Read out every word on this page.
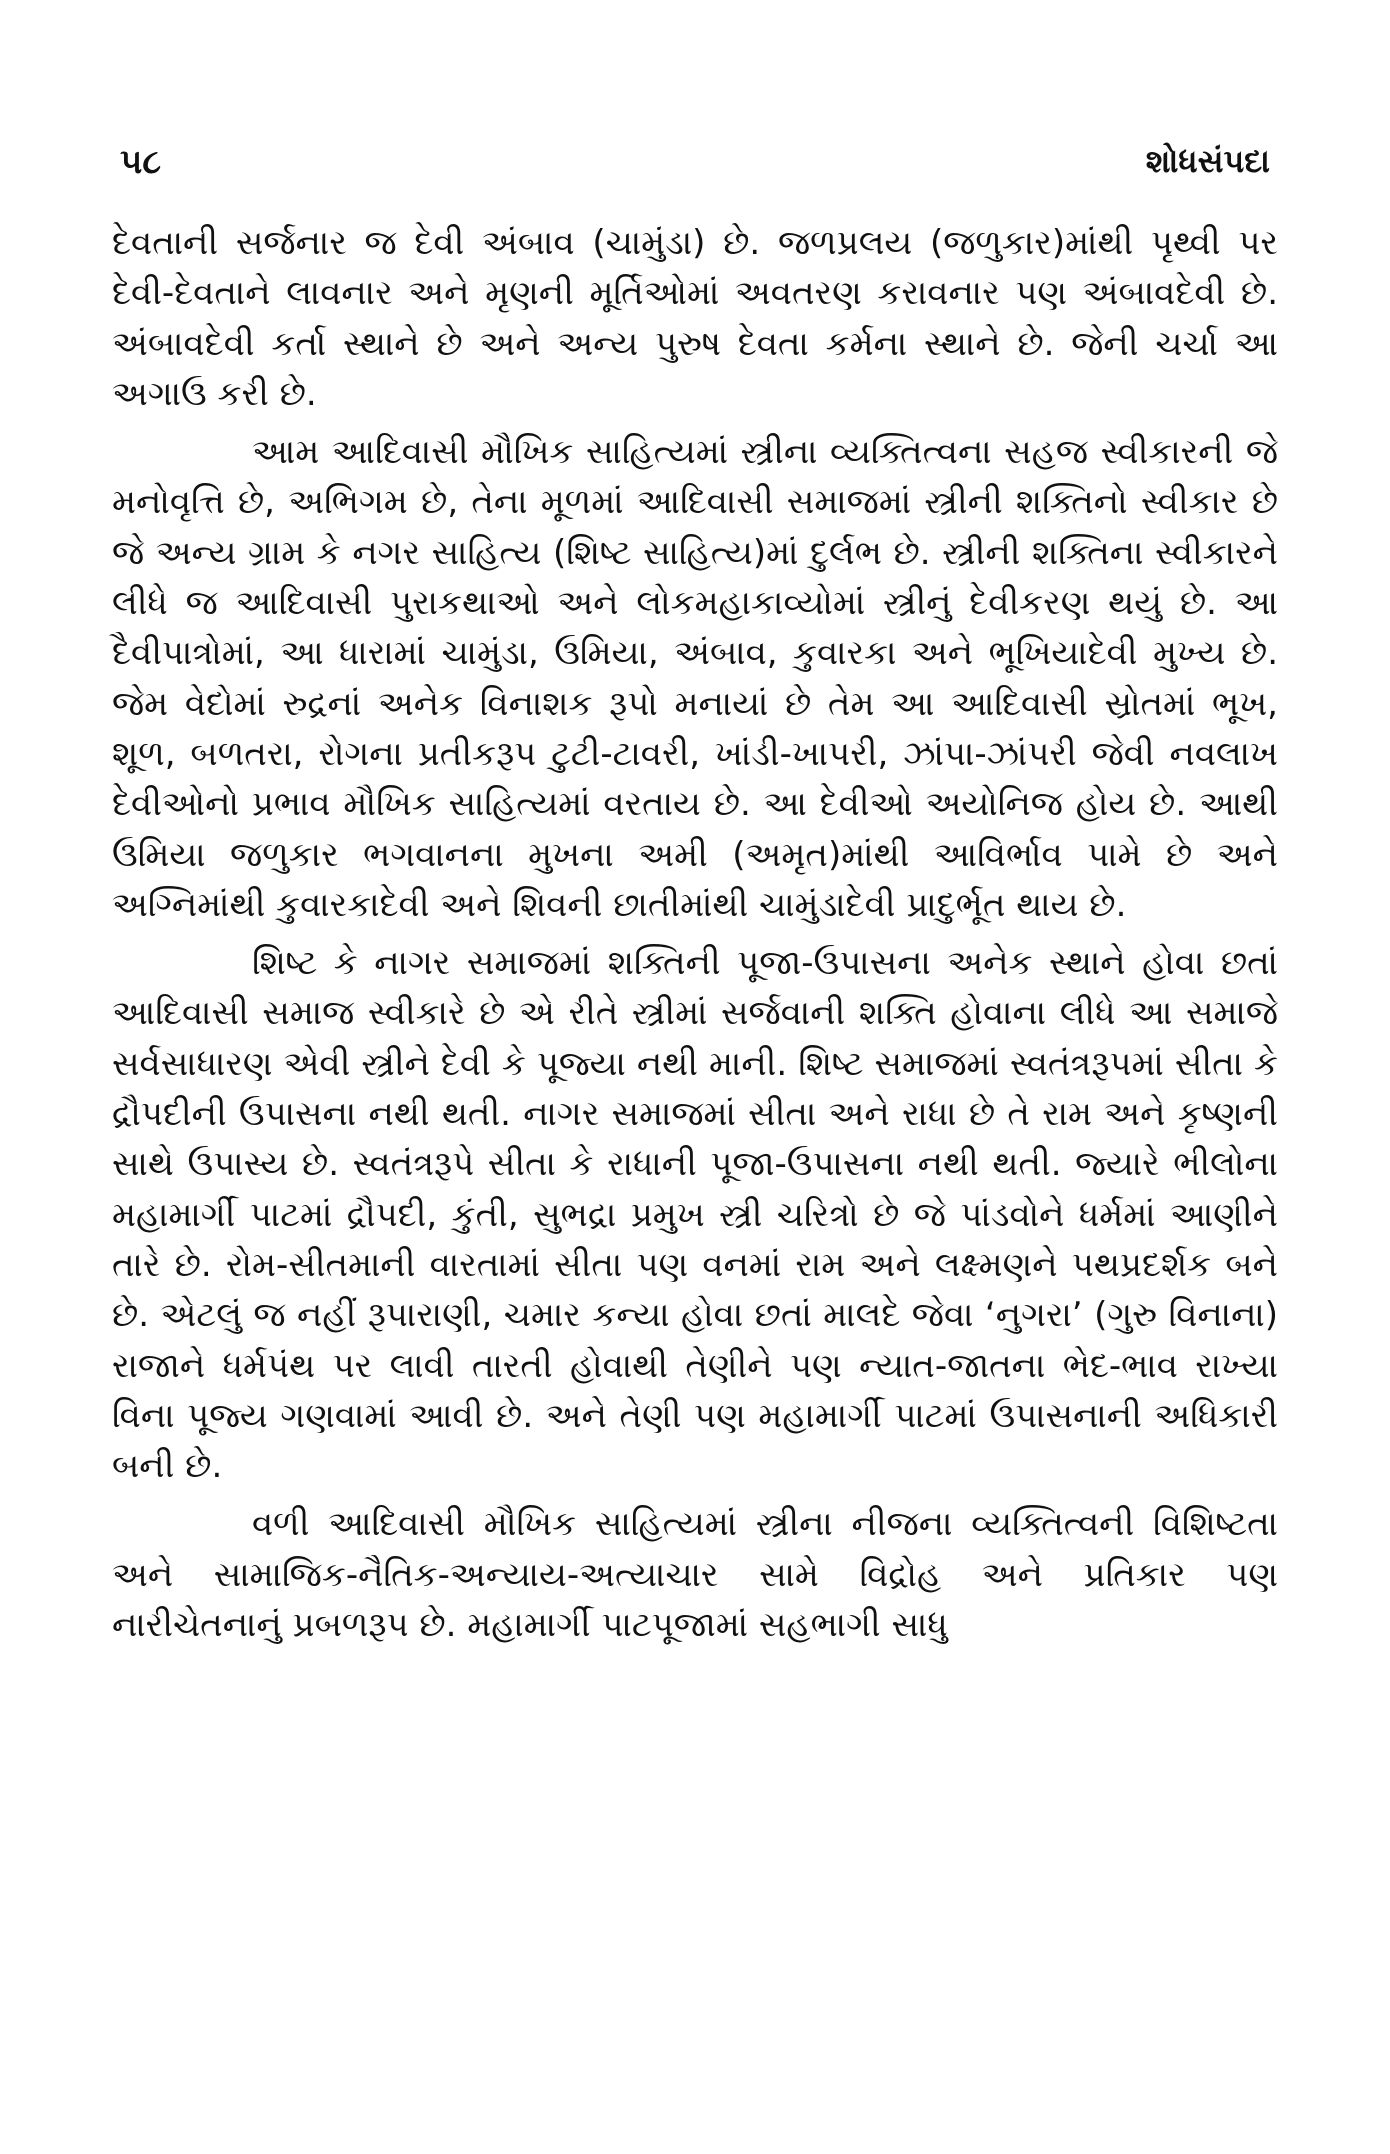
૫૮	શોધસંપદા

દેવતાની સર્જનાર જ દેવી અંબાવ (ચામુંડા) છે. જળપ્રલય (જળુકાર)માંથી પૃથ્વી પર દેવી-દેવતાને લાવનાર અને મૃણની મૂર્તિઓમાં અવતરણ કરાવનાર પણ અંબાવદેવી છે. અંબાવદેવી કર્તા સ્થાને છે અને અન્ય પુરુષ દેવતા કર્મના સ્થાને છે. જેની ચર્ચા આ અગાઉ કરી છે.

આમ આદિવાસી મૌખિક સાહિત્યમાં સ્ત્રીના વ્યક્તિત્વના સહજ સ્વીકારની જે મનોવૃત્તિ છે, અભિગમ છે, તેના મૂળમાં આદિવાસી સમાજમાં સ્ત્રીની શક્તિનો સ્વીકાર છે જે અન્ય ગ્રામ કે નગર સાહિત્ય (શિષ્ટ સાહિત્ય)માં દુર્લભ છે. સ્ત્રીની શક્તિના સ્વીકારને લીધે જ આદિવાસી પુરાકથાઓ અને લોકમહાકાવ્યોમાં સ્ત્રીનું દેવીકરણ થયું છે. આ દૈવીપાત્રોમાં, આ ધારામાં ચામુંડા, ઉમિયા, અંબાવ, કુવારકા અને ભૂખિયાદેવી મુખ્ય છે. જેમ વેદોમાં રુદ્રનાં અનેક વિનાશક રૂપો મનાયાં છે તેમ આ આદિવાસી સ્રોતમાં ભૂખ, શૂળ, બળતરા, રોગના પ્રતીકરૂપ ટુટી-ટાવરી, ખાંડી-ખાપરી, ઝાંપા-ઝાંપરી જેવી નવલાખ દેવીઓનો પ્રભાવ મૌખિક સાહિત્યમાં વરતાય છે. આ દેવીઓ અયોનિજ હોય છે. આથી ઉમિયા જળુકાર ભગવાનના મુખના અમી (અમૃત)માંથી આવિર્ભાવ પામે છે અને અગ્નિમાંથી કુવારકાદેવી અને શિવની છાતીમાંથી ચામુંડાદેવી પ્રાદુર્ભૂત થાય છે.

શિષ્ટ કે નાગર સમાજમાં શક્તિની પૂજા-ઉપાસના અનેક સ્થાને હોવા છતાં આદિવાસી સમાજ સ્વીકારે છે એ રીતે સ્ત્રીમાં સર્જવાની શક્તિ હોવાના લીધે આ સમાજે સર્વસાધારણ એવી સ્ત્રીને દેવી કે પૂજ્યા નથી માની. શિષ્ટ સમાજમાં સ્વતંત્રરૂપમાં સીતા કે દ્રૌપદીની ઉપાસના નથી થતી. નાગર સમાજમાં સીતા અને રાધા છે તે રામ અને કૃષ્ણની સાથે ઉપાસ્ય છે. સ્વતંત્રરૂપે સીતા કે રાધાની પૂજા-ઉપાસના નથી થતી. જ્યારે ભીલોના મહામાર્ગી પાટમાં દ્રૌપદી, કુંતી, સુભદ્રા પ્રમુખ સ્ત્રી ચરિત્રો છે જે પાંડવોને ધર્મમાં આણીને તારે છે. રોમ-સીતમાની વારતામાં સીતા પણ વનમાં રામ અને લક્ષ્મણને પથપ્રદર્શક બને છે. એટલું જ નહીં રૂપારાણી, ચમાર કન્યા હોવા છતાં માલદે જેવા ‘નુગરા’ (ગુરુ વિનાના) રાજાને ધર્મપંથ પર લાવી તારતી હોવાથી તેણીને પણ ન્યાત-જાતના ભેદ-ભાવ રાખ્યા વિના પૂજ્ય ગણવામાં આવી છે. અને તેણી પણ મહામાર્ગી પાટમાં ઉપાસનાની અધિકારી બની છે.

વળી આદિવાસી મૌખિક સાહિત્યમાં સ્ત્રીના નીજના વ્યક્તિત્વની વિશિષ્ટતા અને સામાજિક-નૈતિક-અન્યાય-અત્યાચાર સામે વિદ્રોહ અને પ્રતિકાર પણ નારીચેતનાનું પ્રબળરૂપ છે. મહામાર્ગી પાટપૂજામાં સહભાગી સાધુ
